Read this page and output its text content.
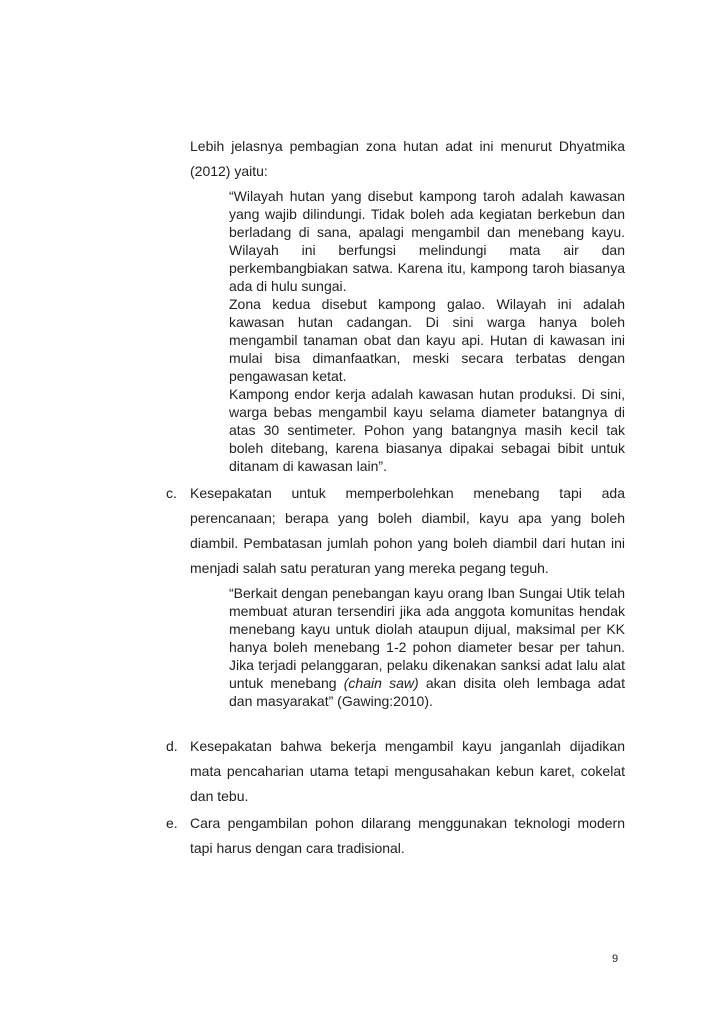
Lebih jelasnya pembagian zona hutan adat ini menurut Dhyatmika (2012) yaitu:

“Wilayah hutan yang disebut kampong taroh adalah kawasan yang wajib dilindungi. Tidak boleh ada kegiatan berkebun dan berladang di sana, apalagi mengambil dan menebang kayu. Wilayah ini berfungsi melindungi mata air dan perkembangbiakan satwa. Karena itu, kampong taroh biasanya ada di hulu sungai.
Zona kedua disebut kampong galao. Wilayah ini adalah kawasan hutan cadangan. Di sini warga hanya boleh mengambil tanaman obat dan kayu api. Hutan di kawasan ini mulai bisa dimanfaatkan, meski secara terbatas dengan pengawasan ketat.
Kampong endor kerja adalah kawasan hutan produksi. Di sini, warga bebas mengambil kayu selama diameter batangnya di atas 30 sentimeter. Pohon yang batangnya masih kecil tak boleh ditebang, karena biasanya dipakai sebagai bibit untuk ditanam di kawasan lain”.
c. Kesepakatan untuk memperbolehkan menebang tapi ada perencanaan; berapa yang boleh diambil, kayu apa yang boleh diambil. Pembatasan jumlah pohon yang boleh diambil dari hutan ini menjadi salah satu peraturan yang mereka pegang teguh.

“Berkait dengan penebangan kayu orang Iban Sungai Utik telah membuat aturan tersendiri jika ada anggota komunitas hendak menebang kayu untuk diolah ataupun dijual, maksimal per KK hanya boleh menebang 1-2 pohon diameter besar per tahun. Jika terjadi pelanggaran, pelaku dikenakan sanksi adat lalu alat untuk menebang (chain saw) akan disita oleh lembaga adat dan masyarakat” (Gawing:2010).

d. Kesepakatan bahwa bekerja mengambil kayu janganlah dijadikan mata pencaharian utama tetapi mengusahakan kebun karet, cokelat dan tebu.
e. Cara pengambilan pohon dilarang menggunakan teknologi modern tapi harus dengan cara tradisional.
9
